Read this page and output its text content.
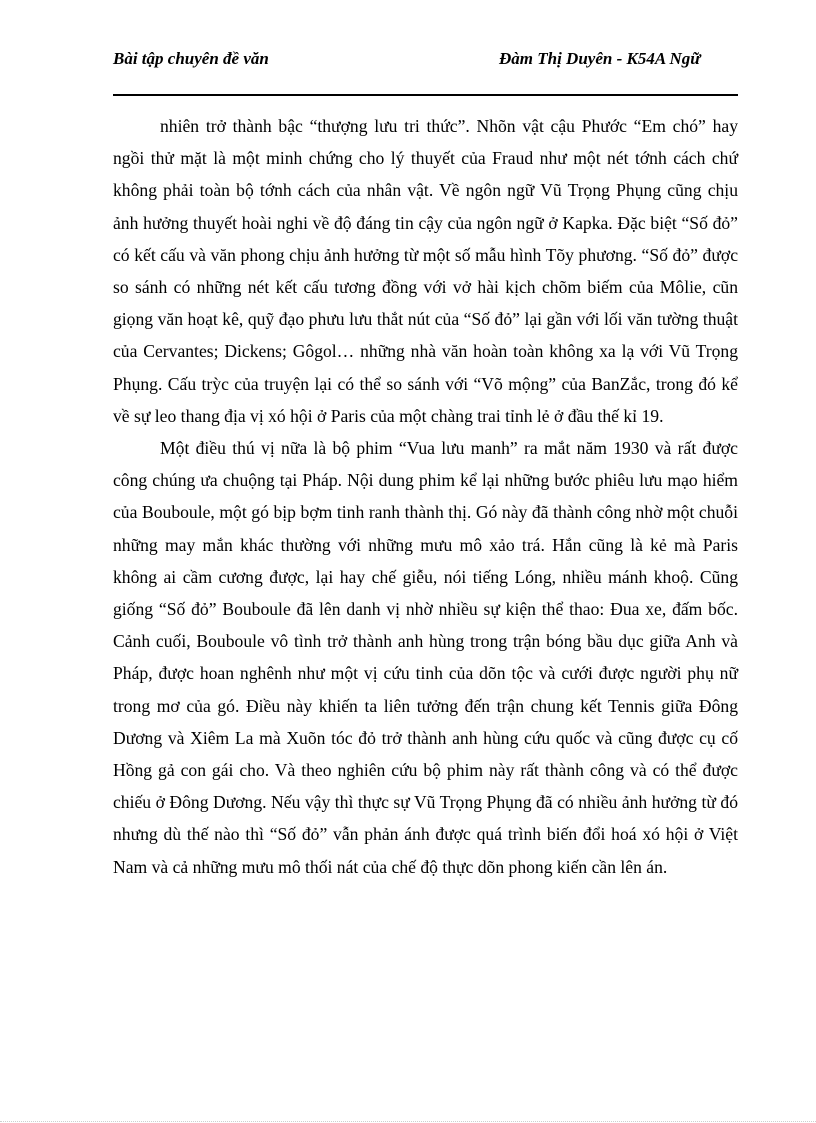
Bài tập chuyên đề văn	Đàm Thị Duyên - K54A Ngữ

nhiên trở thành bậc “thượng lưu tri thức”. Nhõn vật cậu Phước “Em chó” hay ngồi thử mặt là một minh chứng cho lý thuyết của Fraud như một nét tớnh cách chứ không phải toàn bộ tớnh cách của nhân vật. Về ngôn ngữ Vũ Trọng Phụng cũng chịu ảnh hưởng thuyết hoài nghi về độ đáng tin cậy của ngôn ngữ ở Kapka. Đặc biệt “Số đỏ” có kết cấu và văn phong chịu ảnh hưởng từ một số mẫu hình Tõy phương. “Số đỏ” được so sánh có những nét kết cấu tương đồng với vở hài kịch chõm biếm của Môlie, cũn giọng văn hoạt kê, quỹ đạo phưu lưu thắt nút của “Số đỏ” lại gần với lối văn tường thuật của Cervantes; Dickens; Gôgol… những nhà văn hoàn toàn không xa lạ với Vũ Trọng Phụng. Cấu trỳc của truyện lại có thể so sánh với “Võ mộng” của BanZắc, trong đó kể về sự leo thang địa vị xó hội ở Paris của một chàng trai tỉnh lẻ ở đầu thế kỉ 19.

Một điều thú vị nữa là bộ phim “Vua lưu manh” ra mắt năm 1930 và rất được công chúng ưa chuộng tại Pháp. Nội dung phim kể lại những bước phiêu lưu mạo hiểm của Bouboule, một gó bịp bợm tinh ranh thành thị. Gó này đã thành công nhờ một chuỗi những may mắn khác thường với những mưu mô xảo trá. Hắn cũng là kẻ mà Paris không ai cầm cương được, lại hay chế giễu, nói tiếng Lóng, nhiều mánh khoộ. Cũng giống “Số đỏ” Bouboule đã lên danh vị nhờ nhiều sự kiện thể thao: Đua xe, đấm bốc. Cảnh cuối, Bouboule vô tình trở thành anh hùng trong trận bóng bầu dục giữa Anh và Pháp, được hoan nghênh như một vị cứu tinh của dõn tộc và cưới được người phụ nữ trong mơ của gó. Điều này khiến ta liên tưởng đến trận chung kết Tennis giữa Đông Dương và Xiêm La mà Xuõn tóc đỏ trở thành anh hùng cứu quốc và cũng được cụ cố Hồng gả con gái cho. Và theo nghiên cứu bộ phim này rất thành công và có thể được chiếu ở Đông Dương. Nếu vậy thì thực sự Vũ Trọng Phụng đã có nhiều ảnh hưởng từ đó nhưng dù thế nào thì “Số đỏ” vẫn phản ánh được quá trình biến đổi hoá xó hội ở Việt Nam và cả những mưu mô thối nát của chế độ thực dõn phong kiến cần lên án.
